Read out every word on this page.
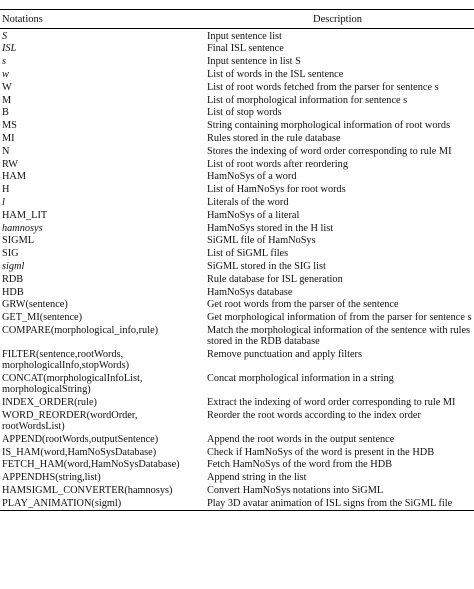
Notations	Description
S	Input sentence list
ISL	Final ISL sentence
s	Input sentence in list S
w	List of words in the ISL sentence
W	List of root words fetched from the parser for sentence s
M	List of morphological information for sentence s
B	List of stop words
MS	String containing morphological information of root words
MI	Rules stored in the rule database
N	Stores the indexing of word order corresponding to rule MI
RW	List of root words after reordering
HAM	HamNoSys of a word
H	List of HamNoSys for root words
l	Literals of the word
HAM_LIT	HamNoSys of a literal
hamnosys	HamNoSys stored in the H list
SIGML	SiGML file of HamNoSys
SIG	List of SiGML files
sigml	SiGML stored in the SIG list
RDB	Rule database for ISL generation
HDB	HamNoSys database
GRW(sentence)	Get root words from the parser of the sentence
GET_MI(sentence)	Get morphological information of from the parser for sentence s
COMPARE(morphological_info,rule)	Match the morphological information of the sentence with rules stored in the RDB database
FILTER(sentence,rootWords, morphologicalInfo,stopWords)	Remove punctuation and apply filters
CONCAT(morphologicalInfoList, morphologicalString)	Concat morphological information in a string
INDEX_ORDER(rule)	Extract the indexing of word order corresponding to rule MI
WORD_REORDER(wordOrder, rootWordsList)	Reorder the root words according to the index order
APPEND(rootWords,outputSentence)	Append the root words in the output sentence
IS_HAM(word,HamNoSysDatabase)	Check if HamNoSys of the word is present in the HDB
FETCH_HAM(word,HamNoSysDatabase)	Fetch HamNoSys of the word from the HDB
APPENDHS(string,list)	Append string in the list
HAMSIGML_CONVERTER(hamnosys)	Convert HamNoSys notations into SiGML
PLAY_ANIMATION(sigml)	Play 3D avatar animation of ISL signs from the SiGML file
